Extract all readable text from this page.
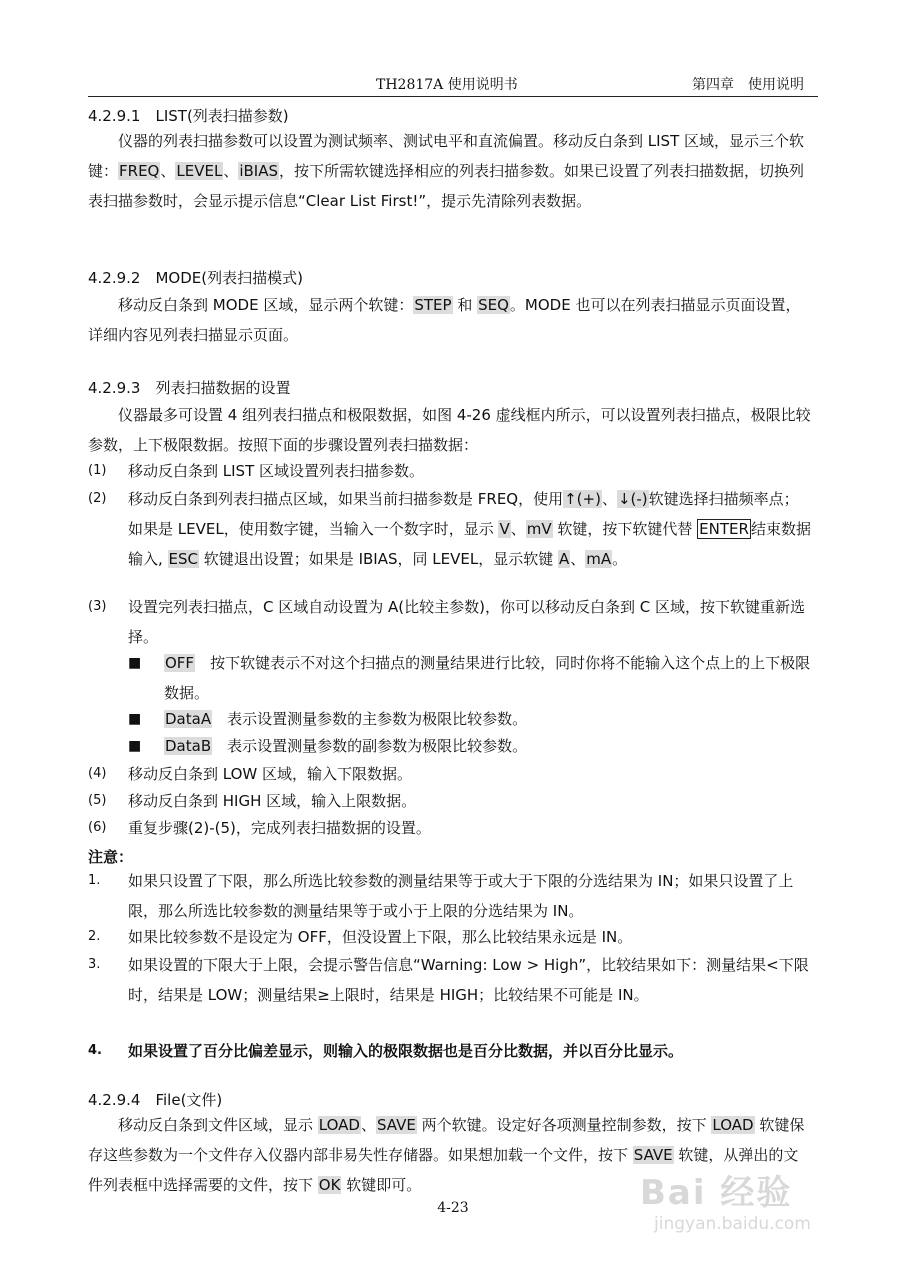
TH2817A 使用说明书	第四章　使用说明
4.2.9.1　LIST(列表扫描参数)
仪器的列表扫描参数可以设置为测试频率、测试电平和直流偏置。移动反白条到 LIST 区域，显示三个软键：FREQ、LEVEL、iBIAS，按下所需软键选择相应的列表扫描参数。如果已设置了列表扫描数据，切换列表扫描参数时，会显示提示信息“Clear List First!”，提示先清除列表数据。
4.2.9.2　MODE(列表扫描模式)
移动反白条到 MODE 区域，显示两个软键：STEP 和 SEQ。MODE 也可以在列表扫描显示页面设置，详细内容见列表扫描显示页面。
4.2.9.3　列表扫描数据的设置
仪器最多可设置 4 组列表扫描点和极限数据，如图 4-26 虚线框内所示，可以设置列表扫描点，极限比较参数，上下极限数据。按照下面的步骤设置列表扫描数据：
(1) 移动反白条到 LIST 区域设置列表扫描参数。
(2) 移动反白条到列表扫描点区域，如果当前扫描参数是 FREQ，使用↑(+)、↓(-)软键选择扫描频率点；如果是 LEVEL，使用数字键，当输入一个数字时，显示 V、mV 软键，按下软键代替 ENTER 结束数据输入, ESC 软键退出设置；如果是 IBIAS，同 LEVEL，显示软键 A、mA。
(3) 设置完列表扫描点，C 区域自动设置为 A(比较主参数)，你可以移动反白条到 C 区域，按下软键重新选择。
■ OFF　按下软键表示不对这个扫描点的测量结果进行比较，同时你将不能输入这个点上的上下极限数据。
■ DataA　表示设置测量参数的主参数为极限比较参数。
■ DataB　表示设置测量参数的副参数为极限比较参数。
(4) 移动反白条到 LOW 区域，输入下限数据。
(5) 移动反白条到 HIGH 区域，输入上限数据。
(6) 重复步骤(2)-(5)，完成列表扫描数据的设置。
注意：
1. 如果只设置了下限，那么所选比较参数的测量结果等于或大于下限的分选结果为 IN；如果只设置了上限，那么所选比较参数的测量结果等于或小于上限的分选结果为 IN。
2. 如果比较参数不是设定为 OFF，但没设置上下限，那么比较结果永远是 IN。
3. 如果设置的下限大于上限，会提示警告信息“Warning: Low > High”，比较结果如下：测量结果<下限时，结果是 LOW；测量结果≥上限时，结果是 HIGH；比较结果不可能是 IN。
4. 如果设置了百分比偏差显示，则输入的极限数据也是百分比数据，并以百分比显示。
4.2.9.4　File(文件)
移动反白条到文件区域，显示 LOAD、SAVE 两个软键。设定好各项测量控制参数，按下 LOAD 软键保存这些参数为一个文件存入仪器内部非易失性存储器。如果想加载一个文件，按下 SAVE 软键，从弹出的文件列表框中选择需要的文件，按下 OK 软键即可。
4-23	Bai 经验
jingyan.baidu.com
